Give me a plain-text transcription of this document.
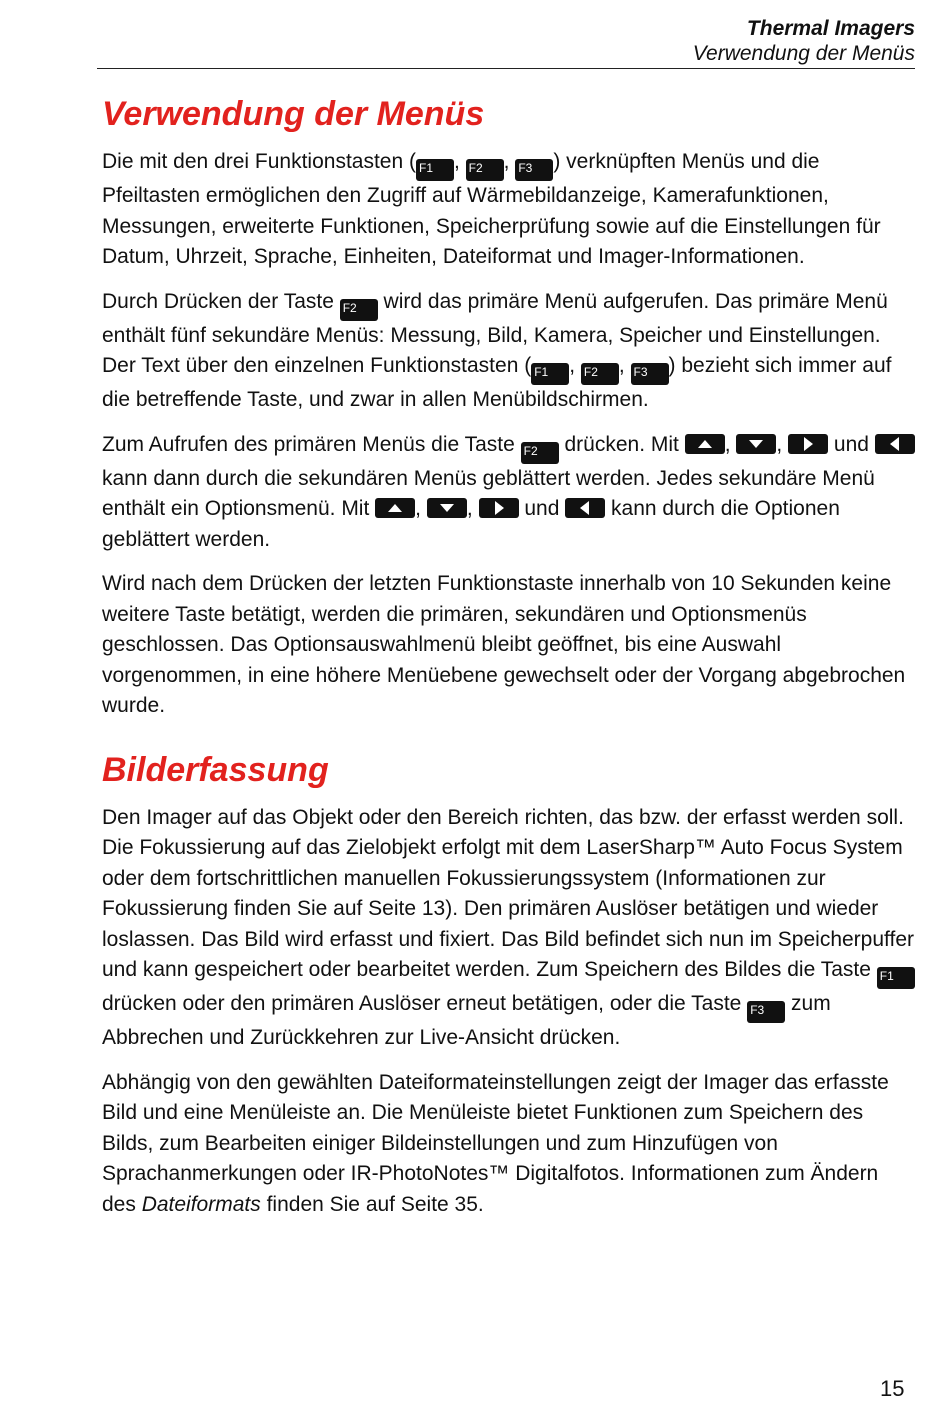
Thermal Imagers
Verwendung der Menüs
Verwendung der Menüs

Die mit den drei Funktionstasten ( F1 , F2 , F3 ) verknüpften Menüs und die Pfeiltasten ermöglichen den Zugriff auf Wärmebildanzeige, Kamerafunktionen, Messungen, erweiterte Funktionen, Speicherprüfung sowie auf die Einstellungen für Datum, Uhrzeit, Sprache, Einheiten, Dateiformat und Imager-Informationen.

Durch Drücken der Taste F2 wird das primäre Menü aufgerufen. Das primäre Menü enthält fünf sekundäre Menüs: Messung, Bild, Kamera, Speicher und Einstellungen. Der Text über den einzelnen Funktionstasten ( F1 , F2 , F3 ) bezieht sich immer auf die betreffende Taste, und zwar in allen Menübildschirmen.

Zum Aufrufen des primären Menüs die Taste F2 drücken. Mit , ,  und  kann dann durch die sekundären Menüs geblättert werden. Jedes sekundäre Menü enthält ein Optionsmenü. Mit , ,  und  kann durch die Optionen geblättert werden.

Wird nach dem Drücken der letzten Funktionstaste innerhalb von 10 Sekunden keine weitere Taste betätigt, werden die primären, sekundären und Optionsmenüs geschlossen. Das Optionsauswahlmenü bleibt geöffnet, bis eine Auswahl vorgenommen, in eine höhere Menüebene gewechselt oder der Vorgang abgebrochen wurde.

Bilderfassung

Den Imager auf das Objekt oder den Bereich richten, das bzw. der erfasst werden soll. Die Fokussierung auf das Zielobjekt erfolgt mit dem LaserSharp™ Auto Focus System oder dem fortschrittlichen manuellen Fokussierungssystem (Informationen zur Fokussierung finden Sie auf Seite 13). Den primären Auslöser betätigen und wieder loslassen. Das Bild wird erfasst und fixiert. Das Bild befindet sich nun im Speicherpuffer und kann gespeichert oder bearbeitet werden. Zum Speichern des Bildes die Taste F1 drücken oder den primären Auslöser erneut betätigen, oder die Taste F3 zum Abbrechen und Zurückkehren zur Live-Ansicht drücken.

Abhängig von den gewählten Dateiformateinstellungen zeigt der Imager das erfasste Bild und eine Menüleiste an. Die Menüleiste bietet Funktionen zum Speichern des Bilds, zum Bearbeiten einiger Bildeinstellungen und zum Hinzufügen von Sprachanmerkungen oder IR-PhotoNotes™ Digitalfotos. Informationen zum Ändern des Dateiformats finden Sie auf Seite 35.

15
